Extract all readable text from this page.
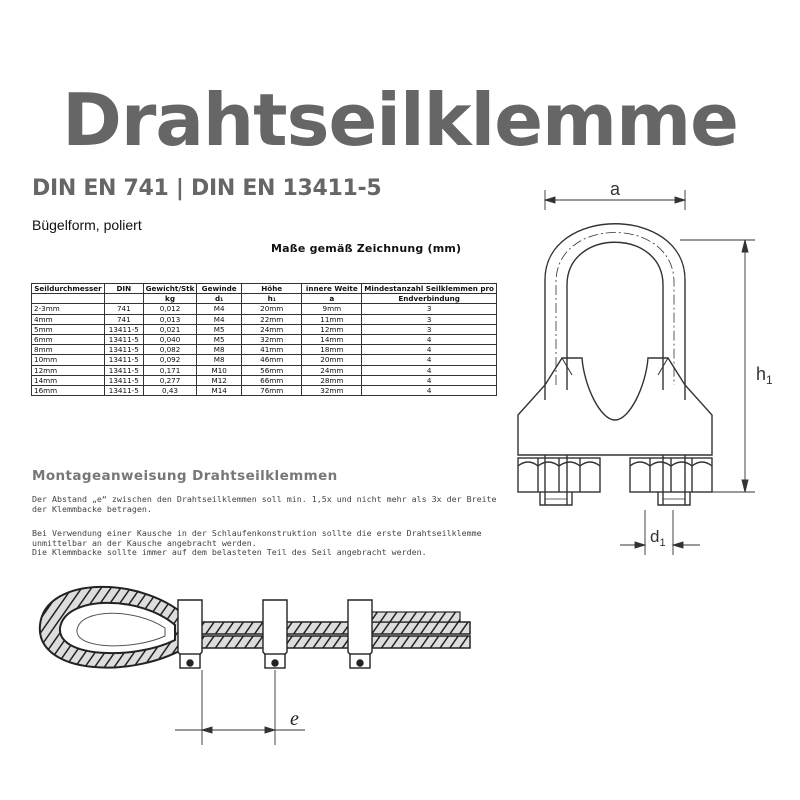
Drahtseilklemme
DIN EN 741 | DIN EN 13411-5
Bügelform, poliert
Maße gemäß Zeichnung (mm)
Seildurchmesser	DIN	Gewicht/Stk	Gewinde	Höhe	innere Weite	Mindestanzahl Seilklemmen pro
		kg	d₁	h₁	a	Endverbindung
2-3mm	741	0,012	M4	20mm	9mm	3
4mm	741	0,013	M4	22mm	11mm	3
5mm	13411-5	0,021	M5	24mm	12mm	3
6mm	13411-5	0,040	M5	32mm	14mm	4
8mm	13411-5	0,082	M8	41mm	18mm	4
10mm	13411-5	0,092	M8	46mm	20mm	4
12mm	13411-5	0,171	M10	56mm	24mm	4
14mm	13411-5	0,277	M12	66mm	28mm	4
16mm	13411-5	0,43	M14	76mm	32mm	4
a
$h_1$
$d_1$
Montageanweisung Drahtseilklemmen
Der Abstand „e“ zwischen den Drahtseilklemmen soll min. 1,5x und nicht mehr als 3x der Breite der Klemmbacke betragen.
Bei Verwendung einer Kausche in der Schlaufenkonstruktion sollte die erste Drahtseilklemme unmittelbar an der Kausche angebracht werden.
Die Klemmbacke sollte immer auf dem belasteten Teil des Seil angebracht werden.
e
